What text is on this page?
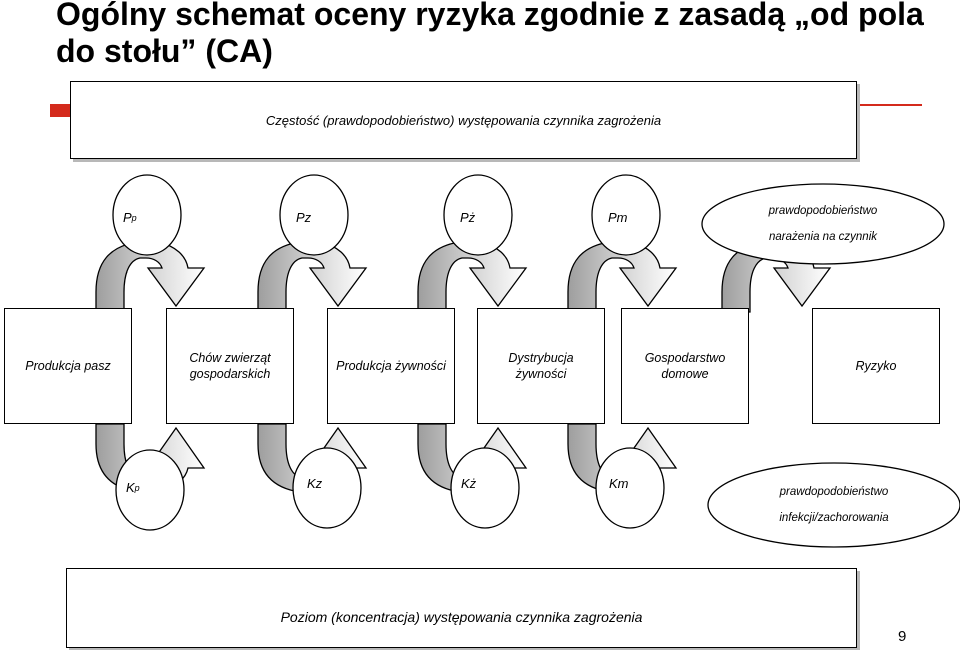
Ogólny schemat oceny ryzyka zgodnie z zasadą „od pola do stołu” (CA)
Częstość (prawdopodobieństwo) występowania czynnika zagrożenia
P p	Pz	Pż	Pm	prawdopodobieństwo
narażenia na czynnik
Produkcja pasz
Chów zwierząt gospodarskich
Produkcja żywności
Dystrybucja żywności
Gospodarstwo domowe
Ryzyko
K p	Kz	Kż	Km
prawdopodobieństwo
infekcji/zachorowania
Poziom (koncentracja) występowania czynnika zagrożenia
9
